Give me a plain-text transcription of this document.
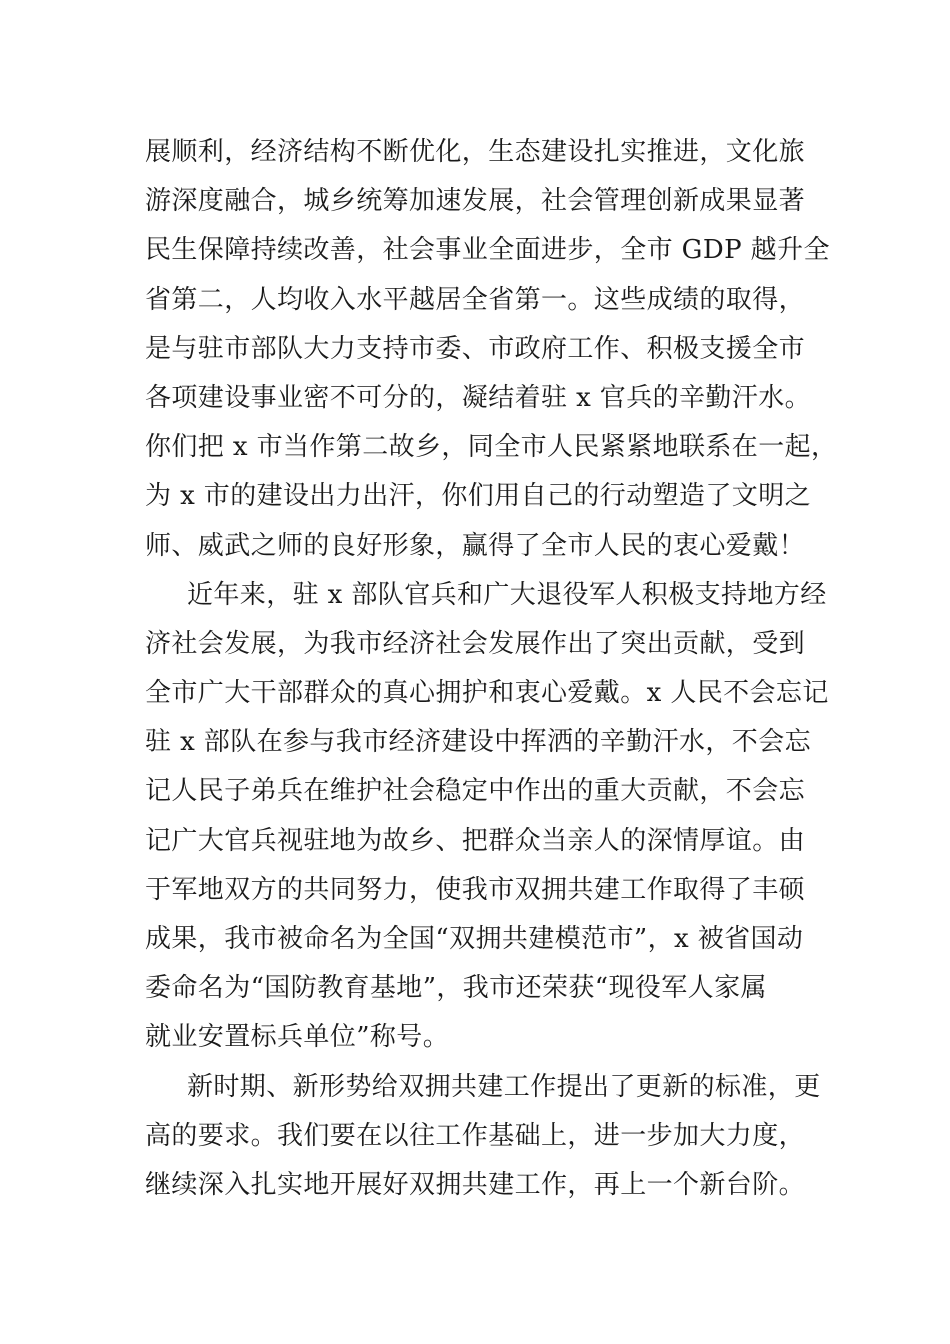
展顺利，经济结构不断优化，生态建设扎实推进，文化旅
游深度融合，城乡统筹加速发展，社会管理创新成果显著
民生保障持续改善，社会事业全面进步，全市 GDP 越升全
省第二，人均收入水平越居全省第一。这些成绩的取得，
是与驻市部队大力支持市委、市政府工作、积极支援全市
各项建设事业密不可分的，凝结着驻 x 官兵的辛勤汗水。
你们把 x 市当作第二故乡，同全市人民紧紧地联系在一起，
为 x 市的建设出力出汗，你们用自己的行动塑造了文明之
师、威武之师的良好形象，赢得了全市人民的衷心爱戴！
近年来，驻 x 部队官兵和广大退役军人积极支持地方经
济社会发展，为我市经济社会发展作出了突出贡献，受到
全市广大干部群众的真心拥护和衷心爱戴。x 人民不会忘记
驻 x 部队在参与我市经济建设中挥洒的辛勤汗水，不会忘
记人民子弟兵在维护社会稳定中作出的重大贡献，不会忘
记广大官兵视驻地为故乡、把群众当亲人的深情厚谊。由
于军地双方的共同努力，使我市双拥共建工作取得了丰硕
成果，我市被命名为全国“双拥共建模范市”，x 被省国动
委命名为“国防教育基地”，我市还荣获“现役军人家属
就业安置标兵单位”称号。
新时期、新形势给双拥共建工作提出了更新的标准，更
高的要求。我们要在以往工作基础上，进一步加大力度，
继续深入扎实地开展好双拥共建工作，再上一个新台阶。
